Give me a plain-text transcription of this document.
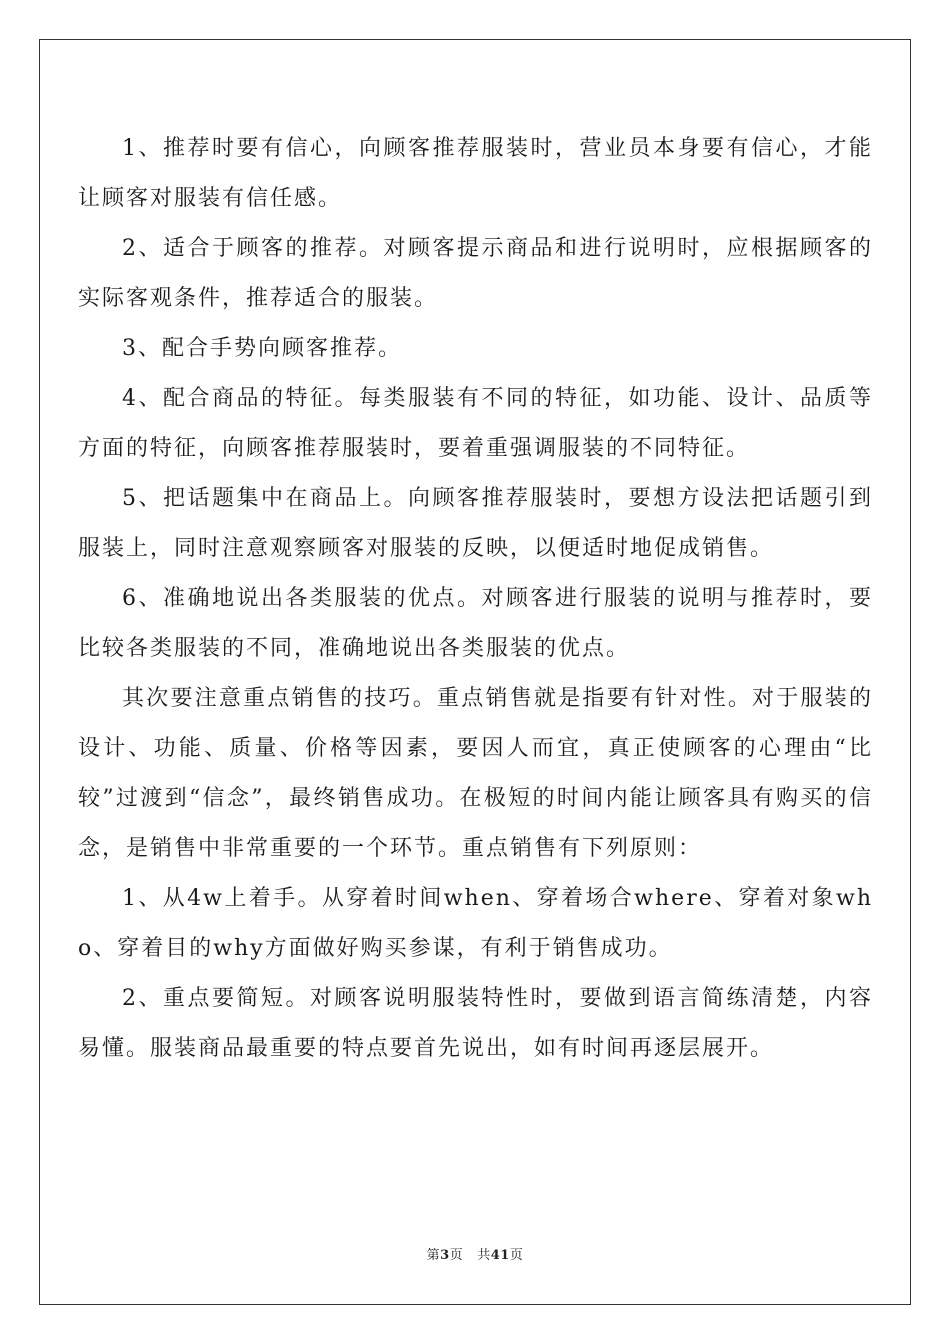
1、推荐时要有信心，向顾客推荐服装时，营业员本身要有信心，才能让顾客对服装有信任感。

2、适合于顾客的推荐。对顾客提示商品和进行说明时，应根据顾客的实际客观条件，推荐适合的服装。

3、配合手势向顾客推荐。

4、配合商品的特征。每类服装有不同的特征，如功能、设计、品质等方面的特征，向顾客推荐服装时，要着重强调服装的不同特征。

5、把话题集中在商品上。向顾客推荐服装时，要想方设法把话题引到服装上，同时注意观察顾客对服装的反映，以便适时地促成销售。

6、准确地说出各类服装的优点。对顾客进行服装的说明与推荐时，要比较各类服装的不同，准确地说出各类服装的优点。

其次要注意重点销售的技巧。重点销售就是指要有针对性。对于服装的设计、功能、质量、价格等因素，要因人而宜，真正使顾客的心理由“比较”过渡到“信念”，最终销售成功。在极短的时间内能让顾客具有购买的信念，是销售中非常重要的一个环节。重点销售有下列原则：

1、从4w上着手。从穿着时间when、穿着场合where、穿着对象who、穿着目的why方面做好购买参谋，有利于销售成功。

2、重点要简短。对顾客说明服装特性时，要做到语言简练清楚，内容易懂。服装商品最重要的特点要首先说出，如有时间再逐层展开。

第3页 共41页
